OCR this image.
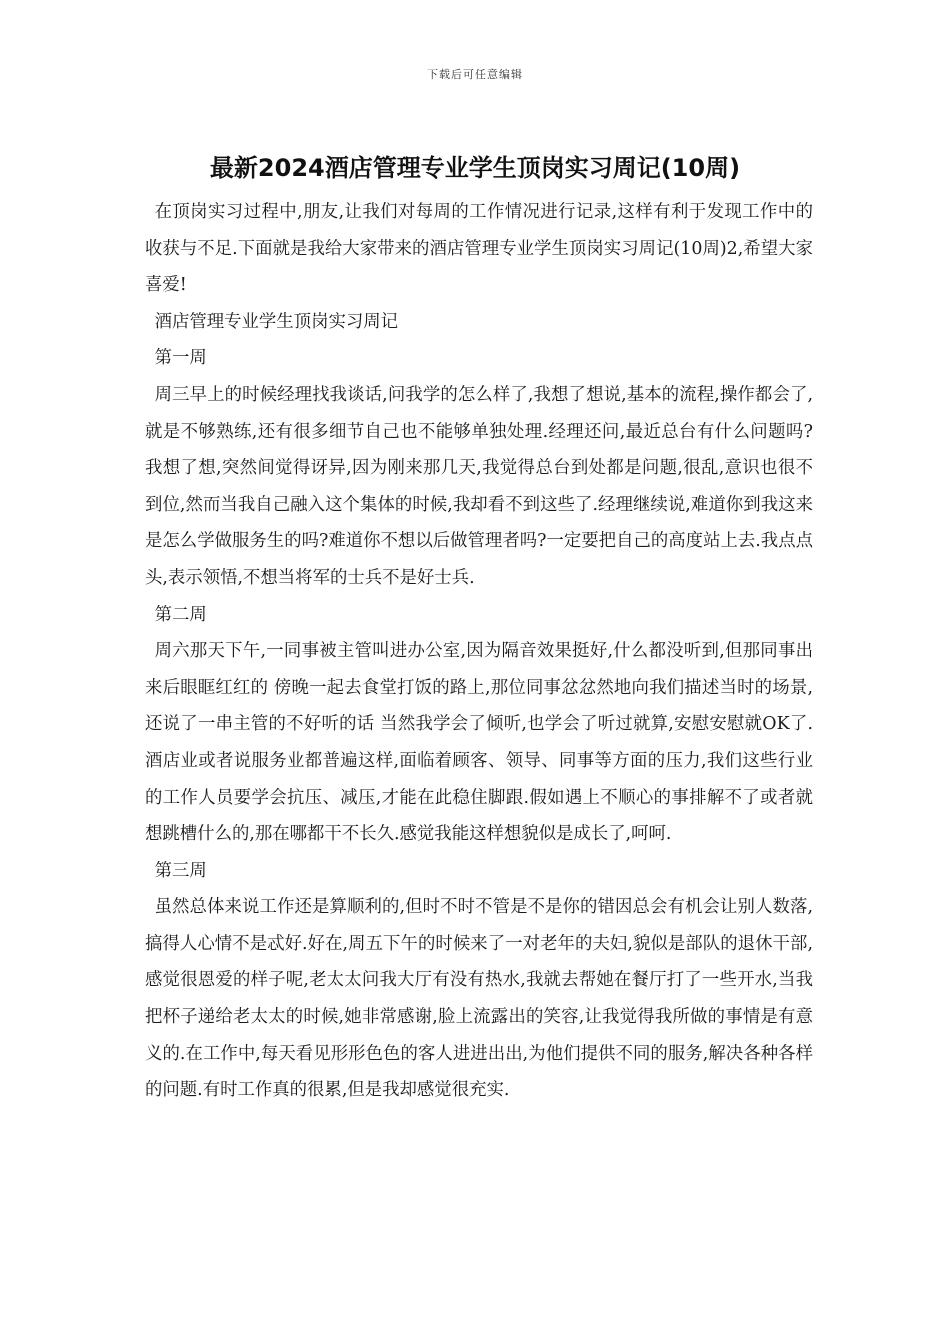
下载后可任意编辑
最新2024酒店管理专业学生顶岗实习周记(10周)

在顶岗实习过程中,朋友,让我们对每周的工作情况进行记录,这样有利于发现工作中的收获与不足.下面就是我给大家带来的酒店管理专业学生顶岗实习周记(10周)2,希望大家喜爱!

酒店管理专业学生顶岗实习周记

第一周

周三早上的时候经理找我谈话,问我学的怎么样了,我想了想说,基本的流程,操作都会了,就是不够熟练,还有很多细节自己也不能够单独处理.经理还问,最近总台有什么问题吗?我想了想,突然间觉得讶异,因为刚来那几天,我觉得总台到处都是问题,很乱,意识也很不到位,然而当我自己融入这个集体的时候,我却看不到这些了.经理继续说,难道你到我这来是怎么学做服务生的吗?难道你不想以后做管理者吗?一定要把自己的高度站上去.我点点头,表示领悟,不想当将军的士兵不是好士兵.

第二周

周六那天下午,一同事被主管叫进办公室,因为隔音效果挺好,什么都没听到,但那同事出来后眼眶红红的 傍晚一起去食堂打饭的路上,那位同事忿忿然地向我们描述当时的场景,还说了一串主管的不好听的话 当然我学会了倾听,也学会了听过就算,安慰安慰就OK了.酒店业或者说服务业都普遍这样,面临着顾客、领导、同事等方面的压力,我们这些行业的工作人员要学会抗压、减压,才能在此稳住脚跟.假如遇上不顺心的事排解不了或者就想跳槽什么的,那在哪都干不长久.感觉我能这样想貌似是成长了,呵呵.

第三周

虽然总体来说工作还是算顺利的,但时不时不管是不是你的错因总会有机会让别人数落,搞得人心情不是忒好.好在,周五下午的时候来了一对老年的夫妇,貌似是部队的退休干部,感觉很恩爱的样子呢,老太太问我大厅有没有热水,我就去帮她在餐厅打了一些开水,当我把杯子递给老太太的时候,她非常感谢,脸上流露出的笑容,让我觉得我所做的事情是有意义的.在工作中,每天看见形形色色的客人进进出出,为他们提供不同的服务,解决各种各样的问题.有时工作真的很累,但是我却感觉很充实.
